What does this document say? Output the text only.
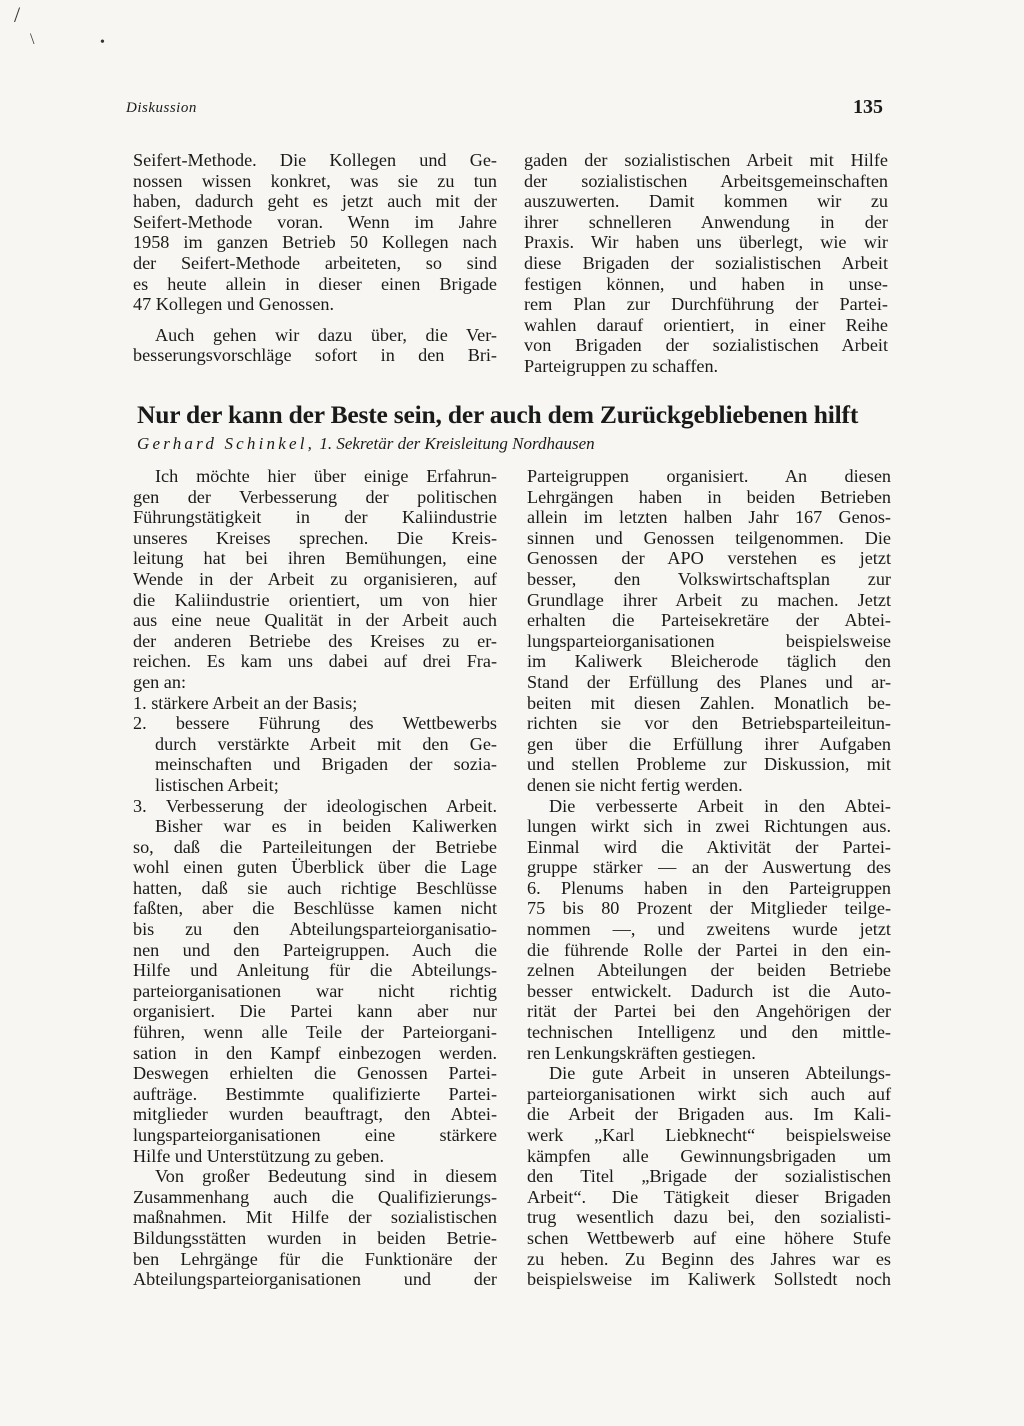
/
\	•
Diskussion	135
Seifert-Methode. Die Kollegen und Ge-
nossen wissen konkret, was sie zu tun
haben, dadurch geht es jetzt auch mit der
Seifert-Methode voran. Wenn im Jahre
1958 im ganzen Betrieb 50 Kollegen nach
der Seifert-Methode arbeiteten, so sind
es heute allein in dieser einen Brigade
47 Kollegen und Genossen.
Auch gehen wir dazu über, die Ver-
besserungsvorschläge sofort in den Bri-
gaden der sozialistischen Arbeit mit Hilfe
der sozialistischen Arbeitsgemeinschaften
auszuwerten. Damit kommen wir zu
ihrer schnelleren Anwendung in der
Praxis. Wir haben uns überlegt, wie wir
diese Brigaden der sozialistischen Arbeit
festigen können, und haben in unse-
rem Plan zur Durchführung der Partei-
wahlen darauf orientiert, in einer Reihe
von Brigaden der sozialistischen Arbeit
Parteigruppen zu schaffen.
Nur der kann der Beste sein, der auch dem Zurückgebliebenen hilft
Gerhard Schinkel, 1. Sekretär der Kreisleitung Nordhausen
Ich möchte hier über einige Erfahrun-
gen der Verbesserung der politischen
Führungstätigkeit in der Kaliindustrie
unseres Kreises sprechen. Die Kreis-
leitung hat bei ihren Bemühungen, eine
Wende in der Arbeit zu organisieren, auf
die Kaliindustrie orientiert, um von hier
aus eine neue Qualität in der Arbeit auch
der anderen Betriebe des Kreises zu er-
reichen. Es kam uns dabei auf drei Fra-
gen an:
1. stärkere Arbeit an der Basis;
2. bessere Führung des Wettbewerbs
durch verstärkte Arbeit mit den Ge-
meinschaften und Brigaden der sozia-
listischen Arbeit;
3. Verbesserung der ideologischen Arbeit.
Bisher war es in beiden Kaliwerken
so, daß die Parteileitungen der Betriebe
wohl einen guten Überblick über die Lage
hatten, daß sie auch richtige Beschlüsse
faßten, aber die Beschlüsse kamen nicht
bis zu den Abteilungsparteiorganisatio-
nen und den Parteigruppen. Auch die
Hilfe und Anleitung für die Abteilungs-
parteiorganisationen war nicht richtig
organisiert. Die Partei kann aber nur
führen, wenn alle Teile der Parteiorgani-
sation in den Kampf einbezogen werden.
Deswegen erhielten die Genossen Partei-
aufträge. Bestimmte qualifizierte Partei-
mitglieder wurden beauftragt, den Abtei-
lungsparteiorganisationen eine stärkere
Hilfe und Unterstützung zu geben.
Von großer Bedeutung sind in diesem
Zusammenhang auch die Qualifizierungs-
maßnahmen. Mit Hilfe der sozialistischen
Bildungsstätten wurden in beiden Betrie-
ben Lehrgänge für die Funktionäre der
Abteilungsparteiorganisationen und der
Parteigruppen organisiert. An diesen
Lehrgängen haben in beiden Betrieben
allein im letzten halben Jahr 167 Genos-
sinnen und Genossen teilgenommen. Die
Genossen der APO verstehen es jetzt
besser, den Volkswirtschaftsplan zur
Grundlage ihrer Arbeit zu machen. Jetzt
erhalten die Parteisekretäre der Abtei-
lungsparteiorganisationen beispielsweise
im Kaliwerk Bleicherode täglich den
Stand der Erfüllung des Planes und ar-
beiten mit diesen Zahlen. Monatlich be-
richten sie vor den Betriebsparteileitun-
gen über die Erfüllung ihrer Aufgaben
und stellen Probleme zur Diskussion, mit
denen sie nicht fertig werden.
Die verbesserte Arbeit in den Abtei-
lungen wirkt sich in zwei Richtungen aus.
Einmal wird die Aktivität der Partei-
gruppe stärker — an der Auswertung des
6. Plenums haben in den Parteigruppen
75 bis 80 Prozent der Mitglieder teilge-
nommen —, und zweitens wurde jetzt
die führende Rolle der Partei in den ein-
zelnen Abteilungen der beiden Betriebe
besser entwickelt. Dadurch ist die Auto-
rität der Partei bei den Angehörigen der
technischen Intelligenz und den mittle-
ren Lenkungskräften gestiegen.
Die gute Arbeit in unseren Abteilungs-
parteiorganisationen wirkt sich auch auf
die Arbeit der Brigaden aus. Im Kali-
werk „Karl Liebknecht“ beispielsweise
kämpfen alle Gewinnungsbrigaden um
den Titel „Brigade der sozialistischen
Arbeit“. Die Tätigkeit dieser Brigaden
trug wesentlich dazu bei, den sozialisti-
schen Wettbewerb auf eine höhere Stufe
zu heben. Zu Beginn des Jahres war es
beispielsweise im Kaliwerk Sollstedt noch
